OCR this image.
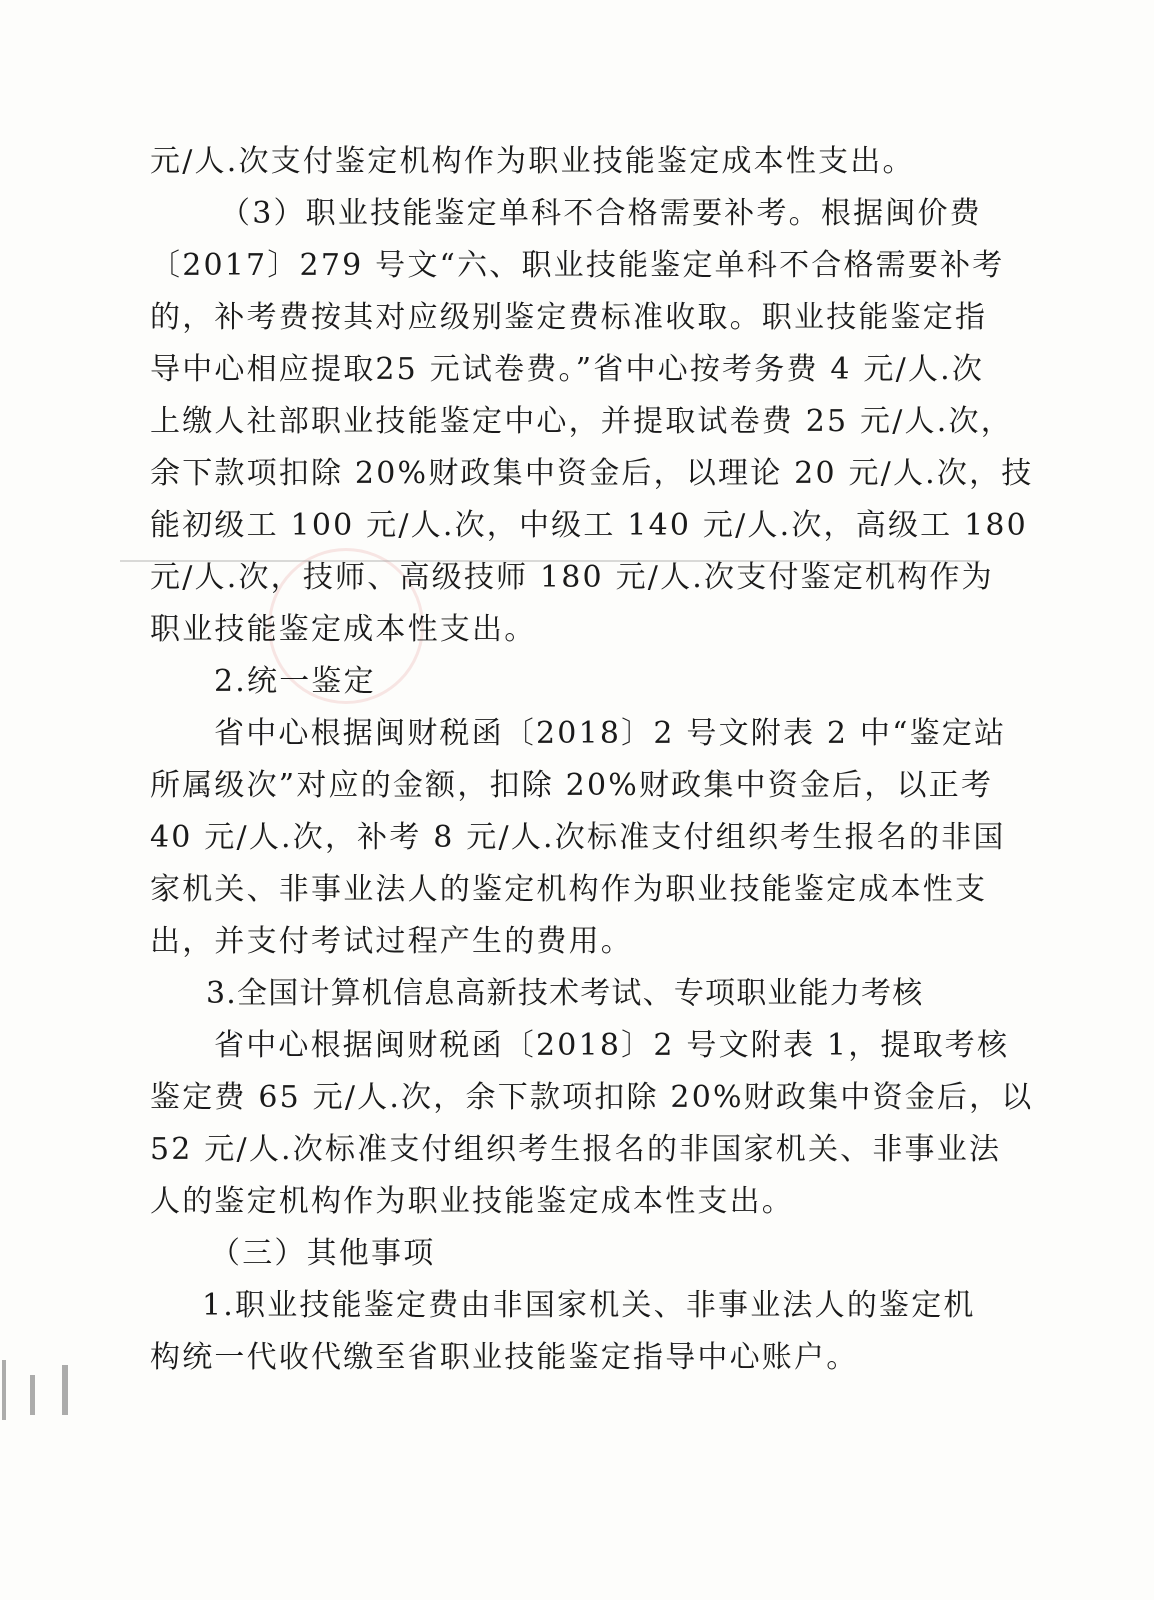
元/人.次支付鉴定机构作为职业技能鉴定成本性支出。
（3）职业技能鉴定单科不合格需要补考。根据闽价费
〔2017〕279 号文“六、职业技能鉴定单科不合格需要补考
的，补考费按其对应级别鉴定费标准收取。职业技能鉴定指
导中心相应提取25 元试卷费。”省中心按考务费 4 元/人.次
上缴人社部职业技能鉴定中心，并提取试卷费 25 元/人.次，
余下款项扣除 20%财政集中资金后，以理论 20 元/人.次，技
能初级工 100 元/人.次，中级工 140 元/人.次，高级工 180
元/人.次，技师、高级技师 180 元/人.次支付鉴定机构作为
职业技能鉴定成本性支出。
2.统一鉴定
省中心根据闽财税函〔2018〕2 号文附表 2 中“鉴定站
所属级次”对应的金额，扣除 20%财政集中资金后，以正考
40 元/人.次，补考 8 元/人.次标准支付组织考生报名的非国
家机关、非事业法人的鉴定机构作为职业技能鉴定成本性支
出，并支付考试过程产生的费用。
3.全国计算机信息高新技术考试、专项职业能力考核
省中心根据闽财税函〔2018〕2 号文附表 1，提取考核
鉴定费 65 元/人.次，余下款项扣除 20%财政集中资金后，以
52 元/人.次标准支付组织考生报名的非国家机关、非事业法
人的鉴定机构作为职业技能鉴定成本性支出。
（三）其他事项
1.职业技能鉴定费由非国家机关、非事业法人的鉴定机
构统一代收代缴至省职业技能鉴定指导中心账户。
